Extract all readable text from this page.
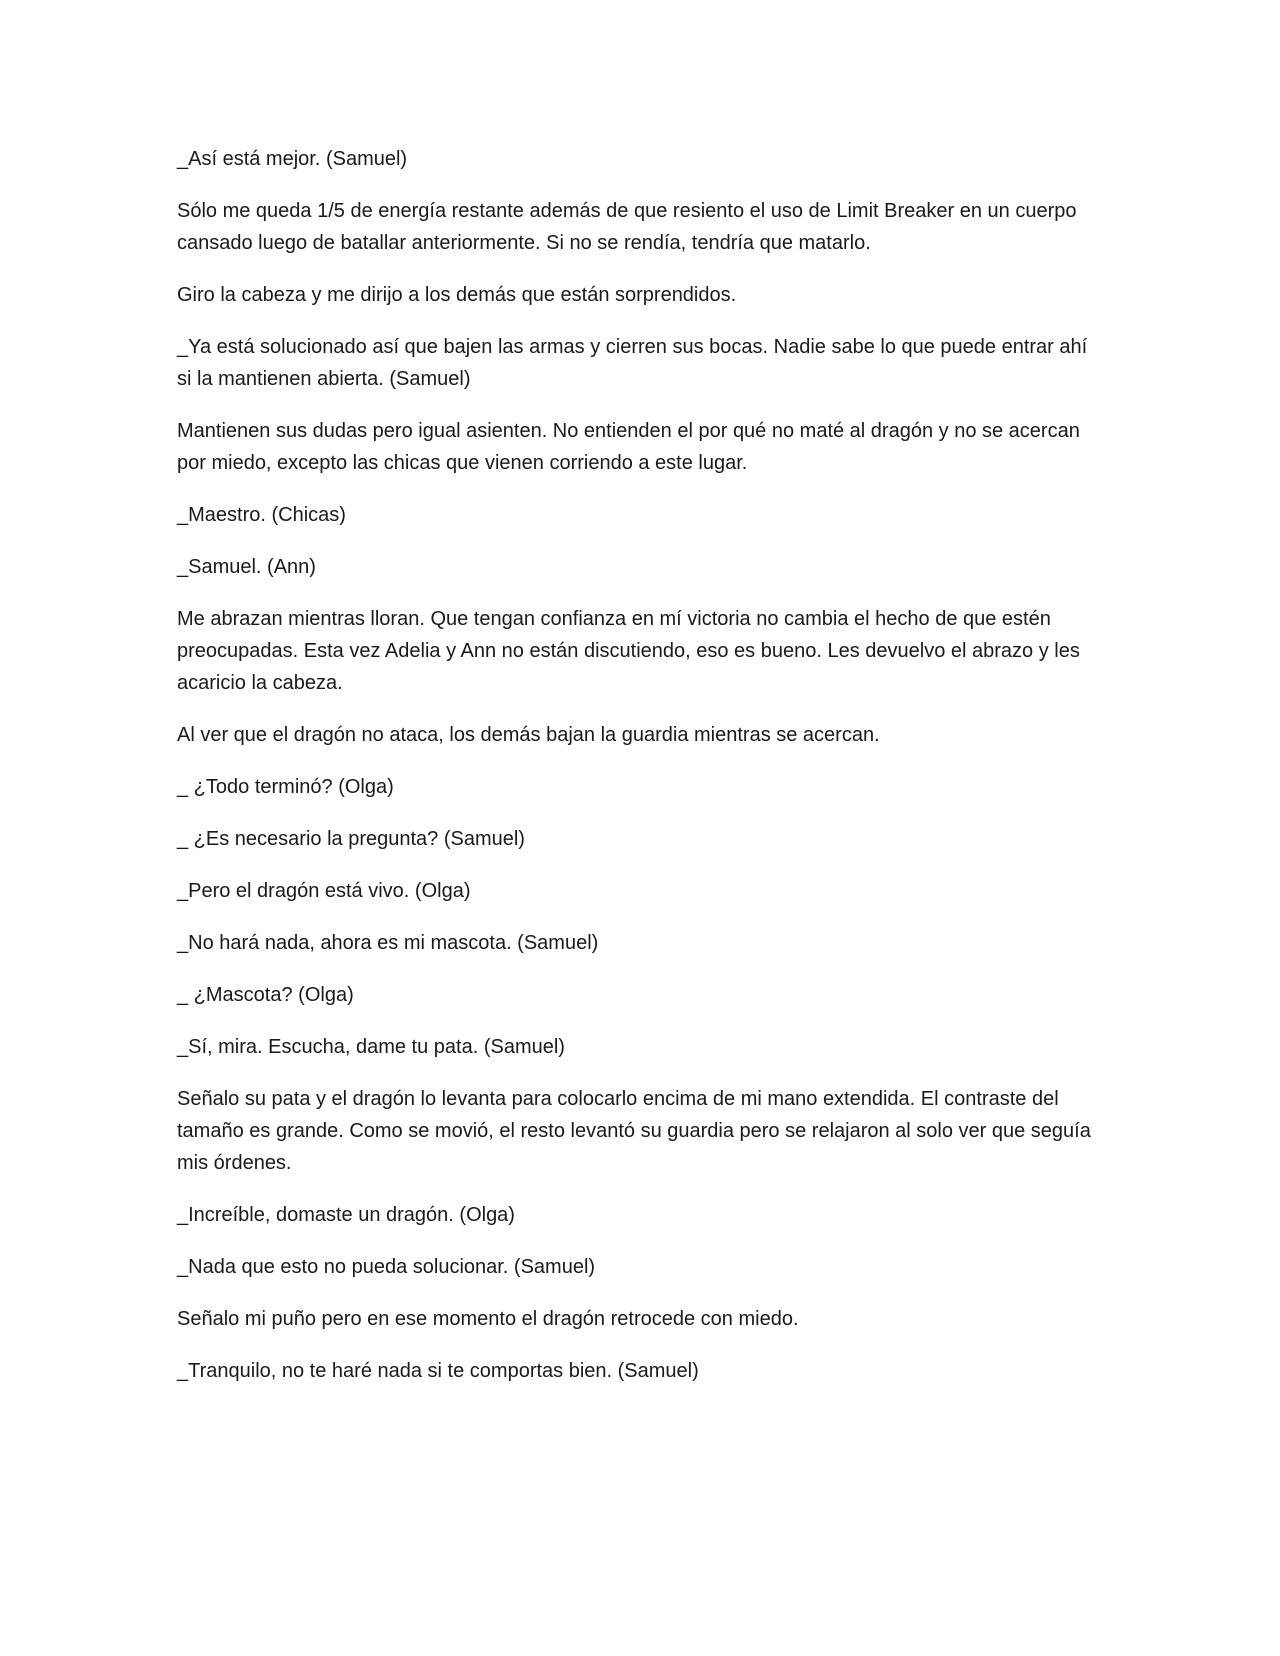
_Así está mejor. (Samuel)

Sólo me queda 1/5 de energía restante además de que resiento el uso de Limit Breaker en un cuerpo cansado luego de batallar anteriormente. Si no se rendía, tendría que matarlo.

Giro la cabeza y me dirijo a los demás que están sorprendidos.

_Ya está solucionado así que bajen las armas y cierren sus bocas. Nadie sabe lo que puede entrar ahí si la mantienen abierta. (Samuel)

Mantienen sus dudas pero igual asienten. No entienden el por qué no maté al dragón y no se acercan por miedo, excepto las chicas que vienen corriendo a este lugar.

_Maestro. (Chicas)

_Samuel. (Ann)

Me abrazan mientras lloran. Que tengan confianza en mí victoria no cambia el hecho de que estén preocupadas. Esta vez Adelia y Ann no están discutiendo, eso es bueno. Les devuelvo el abrazo y les acaricio la cabeza.

Al ver que el dragón no ataca, los demás bajan la guardia mientras se acercan.

_ ¿Todo terminó? (Olga)

_ ¿Es necesario la pregunta? (Samuel)

_Pero el dragón está vivo. (Olga)

_No hará nada, ahora es mi mascota. (Samuel)

_ ¿Mascota? (Olga)

_Sí, mira. Escucha, dame tu pata. (Samuel)

Señalo su pata y el dragón lo levanta para colocarlo encima de mi mano extendida. El contraste del tamaño es grande. Como se movió, el resto levantó su guardia pero se relajaron al solo ver que seguía mis órdenes.

_Increíble, domaste un dragón. (Olga)

_Nada que esto no pueda solucionar. (Samuel)

Señalo mi puño pero en ese momento el dragón retrocede con miedo.

_Tranquilo, no te haré nada si te comportas bien. (Samuel)
